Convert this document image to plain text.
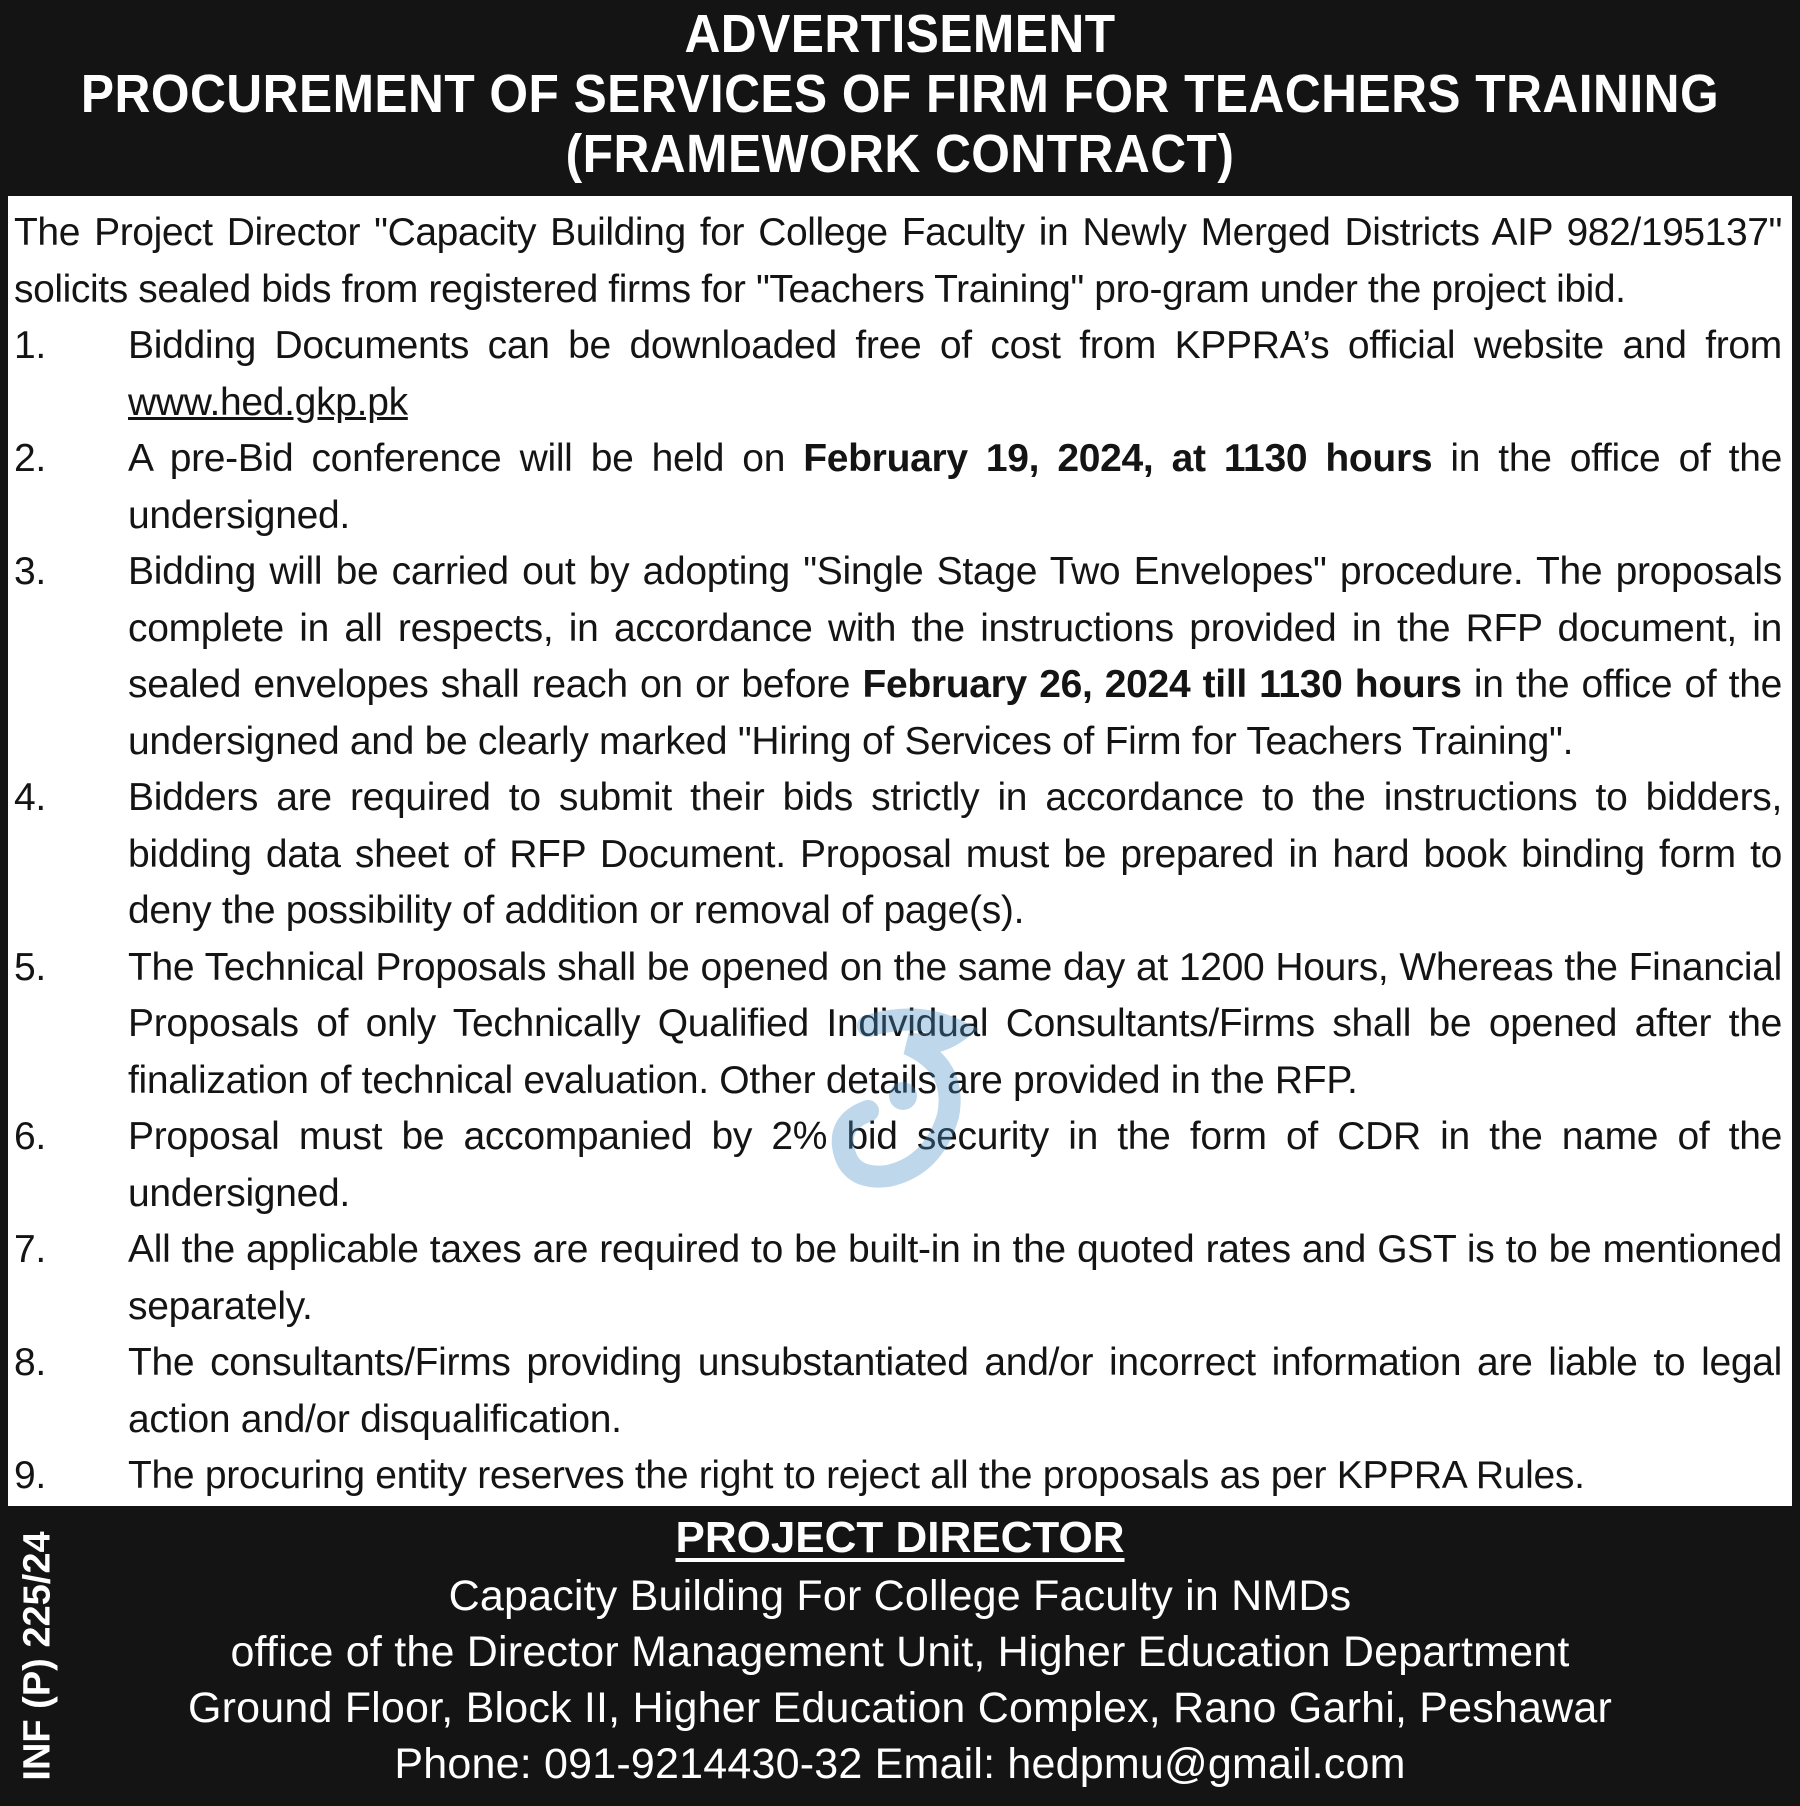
ADVERTISEMENT
PROCUREMENT OF SERVICES OF FIRM FOR TEACHERS TRAINING
(FRAMEWORK CONTRACT)

The Project Director "Capacity Building for College Faculty in Newly Merged Districts AIP 982/195137" solicits sealed bids from registered firms for "Teachers Training" pro-gram under the project ibid.

1.	Bidding Documents can be downloaded free of cost from KPPRA’s official website and from www.hed.gkp.pk
2.	A pre-Bid conference will be held on February 19, 2024, at 1130 hours in the office of the undersigned.
3.	Bidding will be carried out by adopting "Single Stage Two Envelopes" procedure. The proposals complete in all respects, in accordance with the instructions provided in the RFP document, in sealed envelopes shall reach on or before February 26, 2024 till 1130 hours in the office of the undersigned and be clearly marked "Hiring of Services of Firm for Teachers Training".
4.	Bidders are required to submit their bids strictly in accordance to the instructions to bidders, bidding data sheet of RFP Document. Proposal must be prepared in hard book binding form to deny the possibility of addition or removal of page(s).
5.	The Technical Proposals shall be opened on the same day at 1200 Hours, Whereas the Financial Proposals of only Technically Qualified Individual Consultants/Firms shall be opened after the finalization of technical evaluation. Other details are provided in the RFP.
6.	Proposal must be accompanied by 2% bid security in the form of CDR in the name of the undersigned.
7.	All the applicable taxes are required to be built-in in the quoted rates and GST is to be mentioned separately.
8.	The consultants/Firms providing unsubstantiated and/or incorrect information are liable to legal action and/or disqualification.
9.	The procuring entity reserves the right to reject all the proposals as per KPPRA Rules.
INF (P) 225/24	PROJECT DIRECTOR
Capacity Building For College Faculty in NMDs
office of the Director Management Unit, Higher Education Department
Ground Floor, Block II, Higher Education Complex, Rano Garhi, Peshawar
Phone: 091-9214430-32 Email: hedpmu@gmail.com
